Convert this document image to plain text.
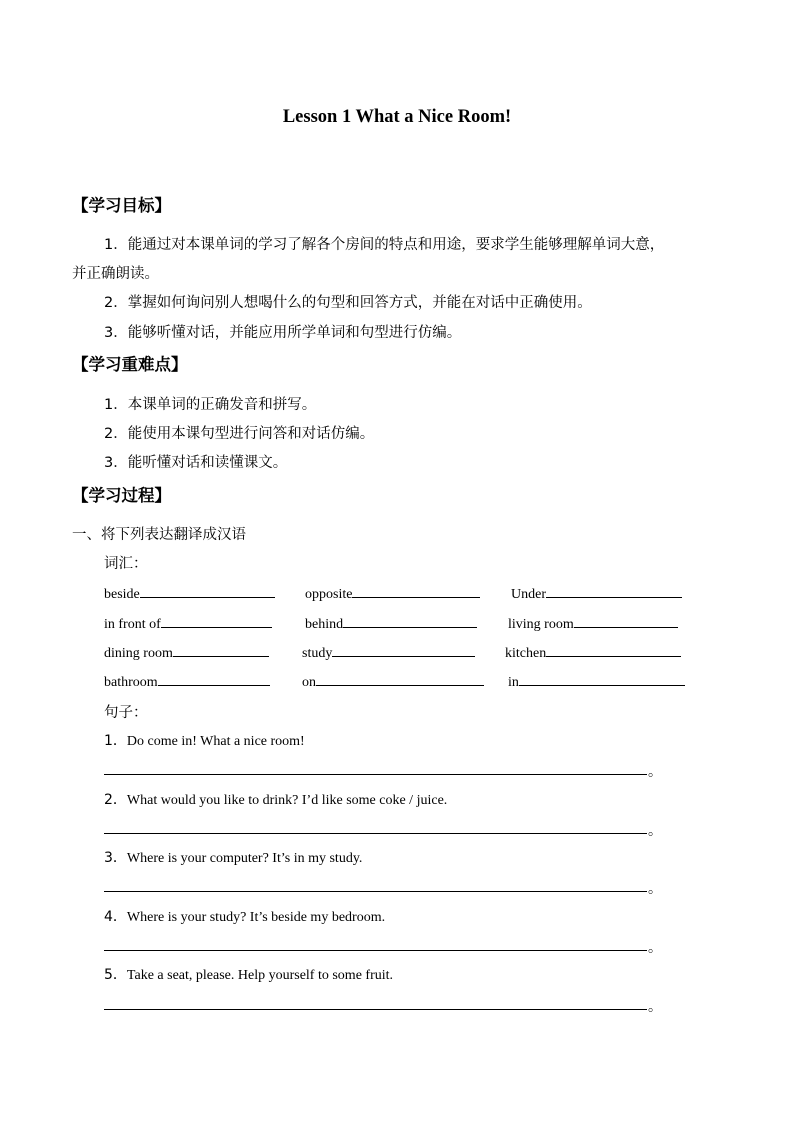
Lesson 1 What a Nice Room!
【学习目标】
1．能通过对本课单词的学习了解各个房间的特点和用途，要求学生能够理解单词大意，
并正确朗读。
2．掌握如何询问别人想喝什么的句型和回答方式，并能在对话中正确使用。
3．能够听懂对话，并能应用所学单词和句型进行仿编。
【学习重难点】
1．本课单词的正确发音和拼写。
2．能使用本课句型进行问答和对话仿编。
3．能听懂对话和读懂课文。
【学习过程】
一、将下列表达翻译成汉语
词汇：
beside	opposite	Under
in front of	behind	living room
dining room	study	kitchen
bathroom	on	in
句子：
1．Do come in! What a nice room!
。
2．What would you like to drink? I’d like some coke / juice.
。
3．Where is your computer? It’s in my study.
。
4．Where is your study? It’s beside my bedroom.
。
5．Take a seat, please. Help yourself to some fruit.
。
